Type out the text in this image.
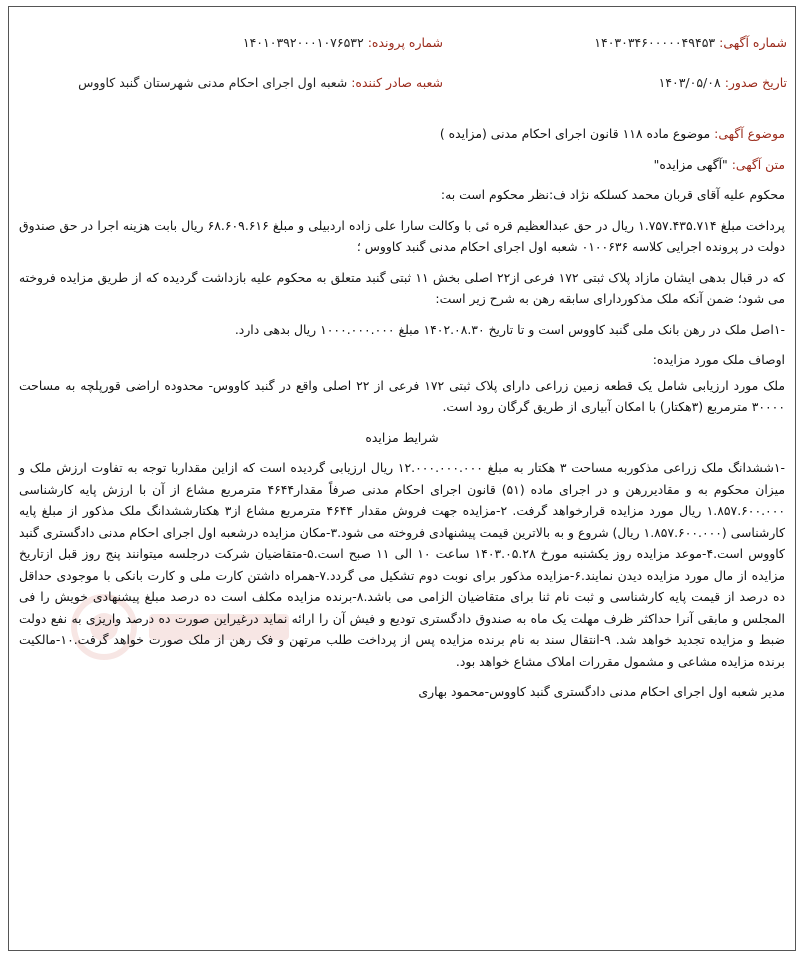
شماره آگهی: ۱۴۰۳۰۳۴۶۰۰۰۰۰۴۹۴۵۳
شماره پرونده: ۱۴۰۱۰۳۹۲۰۰۰۱۰۷۶۵۳۲
تاریخ صدور: ۱۴۰۳/۰۵/۰۸
شعبه صادر کننده: شعبه اول اجرای احکام مدنی شهرستان گنبد کاووس

موضوع آگهی: موضوع ماده ۱۱۸ قانون اجرای احکام مدنی (مزایده )

متن آگهی: "آگهی مزایده"

محکوم علیه آقای قربان محمد کسلکه نژاد ف:نظر محکوم است به:

پرداخت مبلغ ۱.۷۵۷.۴۳۵.۷۱۴ ریال در حق عبدالعظیم قره ئی با وکالت سارا علی زاده اردبیلی و مبلغ ۶۸.۶۰۹.۶۱۶ ریال بابت هزینه اجرا در حق صندوق دولت در پرونده اجرایی کلاسه ۰۱۰۰۶۳۶ شعبه اول اجرای احکام مدنی گنبد کاووس ؛

که در قبال بدهی ایشان مازاد پلاک ثبتی ۱۷۲ فرعی از۲۲ اصلی بخش ۱۱ ثبتی گنبد متعلق به محکوم علیه بازداشت گردیده که از طریق مزایده فروخته می شود؛ ضمن آنکه ملک مذکوردارای سابقه رهن به شرح زیر است:

-۱اصل ملک در رهن بانک ملی گنبد کاووس است و تا تاریخ ۱۴۰۲.۰۸.۳۰ مبلغ ۱۰۰۰.۰۰۰.۰۰۰ ریال بدهی دارد.

اوصاف ملک مورد مزایده:

ملک مورد ارزیابی شامل یک قطعه زمین زراعی دارای پلاک ثبتی ۱۷۲ فرعی از ۲۲ اصلی واقع در گنبد کاووس- محدوده اراضی قورپلچه به مساحت ۳۰۰۰۰ مترمربع (۳هکتار) با امکان آبیاری از طریق گرگان رود است.

شرایط مزایده

-۱ششدانگ ملک زراعی مذکوربه مساحت ۳ هکتار به مبلغ ۱۲.۰۰۰.۰۰۰.۰۰۰ ریال ارزیابی گردیده است که ازاین مقداربا توجه به تفاوت ارزش ملک و میزان محکوم به و مقادیررهن و در اجرای ماده (۵۱) قانون اجرای احکام مدنی صرفاً مقدار۴۶۴۴ مترمربع مشاع از آن با ارزش پایه کارشناسی ۱.۸۵۷.۶۰۰.۰۰۰ ریال مورد مزایده قرارخواهد گرفت. ۲-مزایده جهت فروش مقدار ۴۶۴۴ مترمربع مشاع از۳ هکتارششدانگ ملک مذکور از مبلغ پایه کارشناسی (۱.۸۵۷.۶۰۰.۰۰۰ ریال) شروع و به بالاترین قیمت پیشنهادی فروخته می شود.۳-مکان مزایده درشعبه اول اجرای احکام مدنی دادگستری گنبد کاووس است.۴-موعد مزایده روز یکشنبه مورخ ۱۴۰۳.۰۵.۲۸ ساعت ۱۰ الی ۱۱ صبح است.۵-متقاضیان شرکت درجلسه میتوانند پنج روز قبل ازتاریخ مزایده از مال مورد مزایده دیدن نمایند.۶-مزایده مذکور برای نوبت دوم تشکیل می گردد.۷-همراه داشتن کارت ملی و کارت بانکی با موجودی حداقل ده درصد از قیمت پایه کارشناسی و ثبت نام ثنا برای متقاضیان الزامی می باشد.۸-برنده مزایده مکلف است ده درصد مبلغ پیشنهادی خویش را فی المجلس و مابقی آنرا حداکثر ظرف مهلت یک ماه به صندوق دادگستری تودیع و فیش آن را ارائه نماید درغیراین صورت ده درصد واریزی به نفع دولت ضبط و مزایده تجدید خواهد شد. ۹-انتقال سند به نام برنده مزایده پس از پرداخت طلب مرتهن و فک رهن از ملک صورت خواهد گرفت.۱۰-مالکیت برنده مزایده مشاعی و مشمول مقررات املاک مشاع خواهد بود.

مدیر شعبه اول اجرای احکام مدنی دادگستری گنبد کاووس-محمود بهاری
